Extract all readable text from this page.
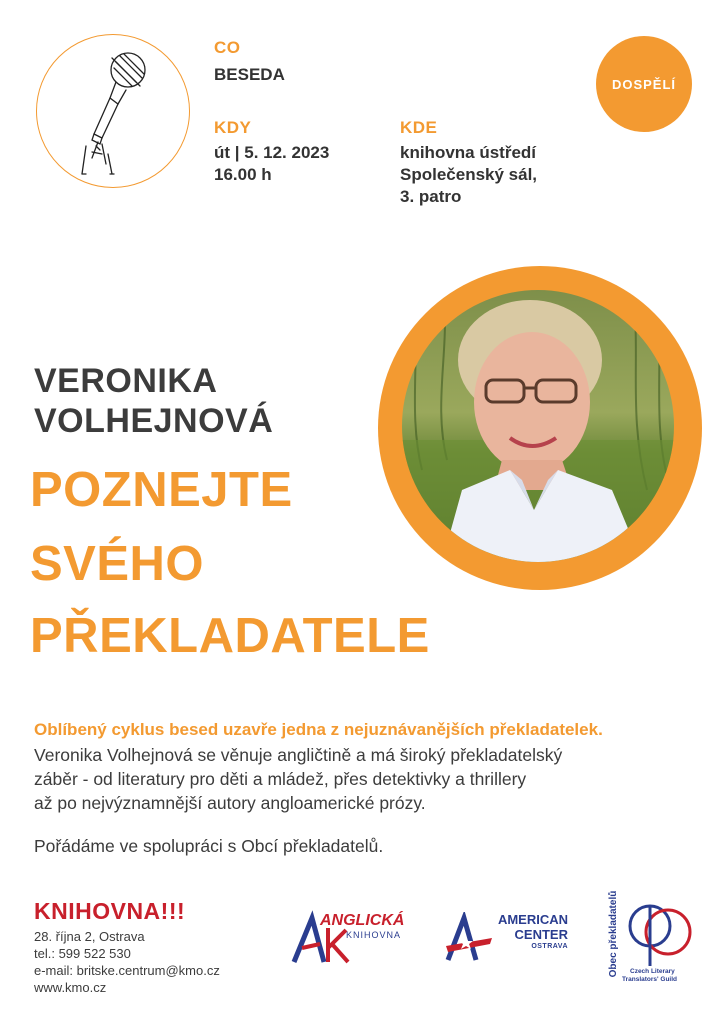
CO
BESEDA
KDY
út | 5. 12. 2023
16.00 h
KDE
knihovna ústředí
Společenský sál,
3. patro
DOSPĚLÍ
VERONIKA
VOLHEJNOVÁ
POZNEJTE
SVÉHO
PŘEKLADATELE
Oblíbený cyklus besed uzavře jedna z nejuznávanějších překladatelek.
Veronika Volhejnová se věnuje angličtině a má široký překladatelský
záběr - od literatury pro děti a mládež, přes detektivky a thrillery
až po nejvýznamnější autory angloamerické prózy.
Pořádáme ve spolupráci s Obcí překladatelů.
KNIHOVNA!!!
28. října 2, Ostrava
tel.: 599 522 530
e-mail: britske.centrum@kmo.cz
www.kmo.cz
ANGLICKÁ
KNIHOVNA
AMERICAN
CENTER
OSTRAVA	Obec překladatelů Czech Literary
Translators' Guild
